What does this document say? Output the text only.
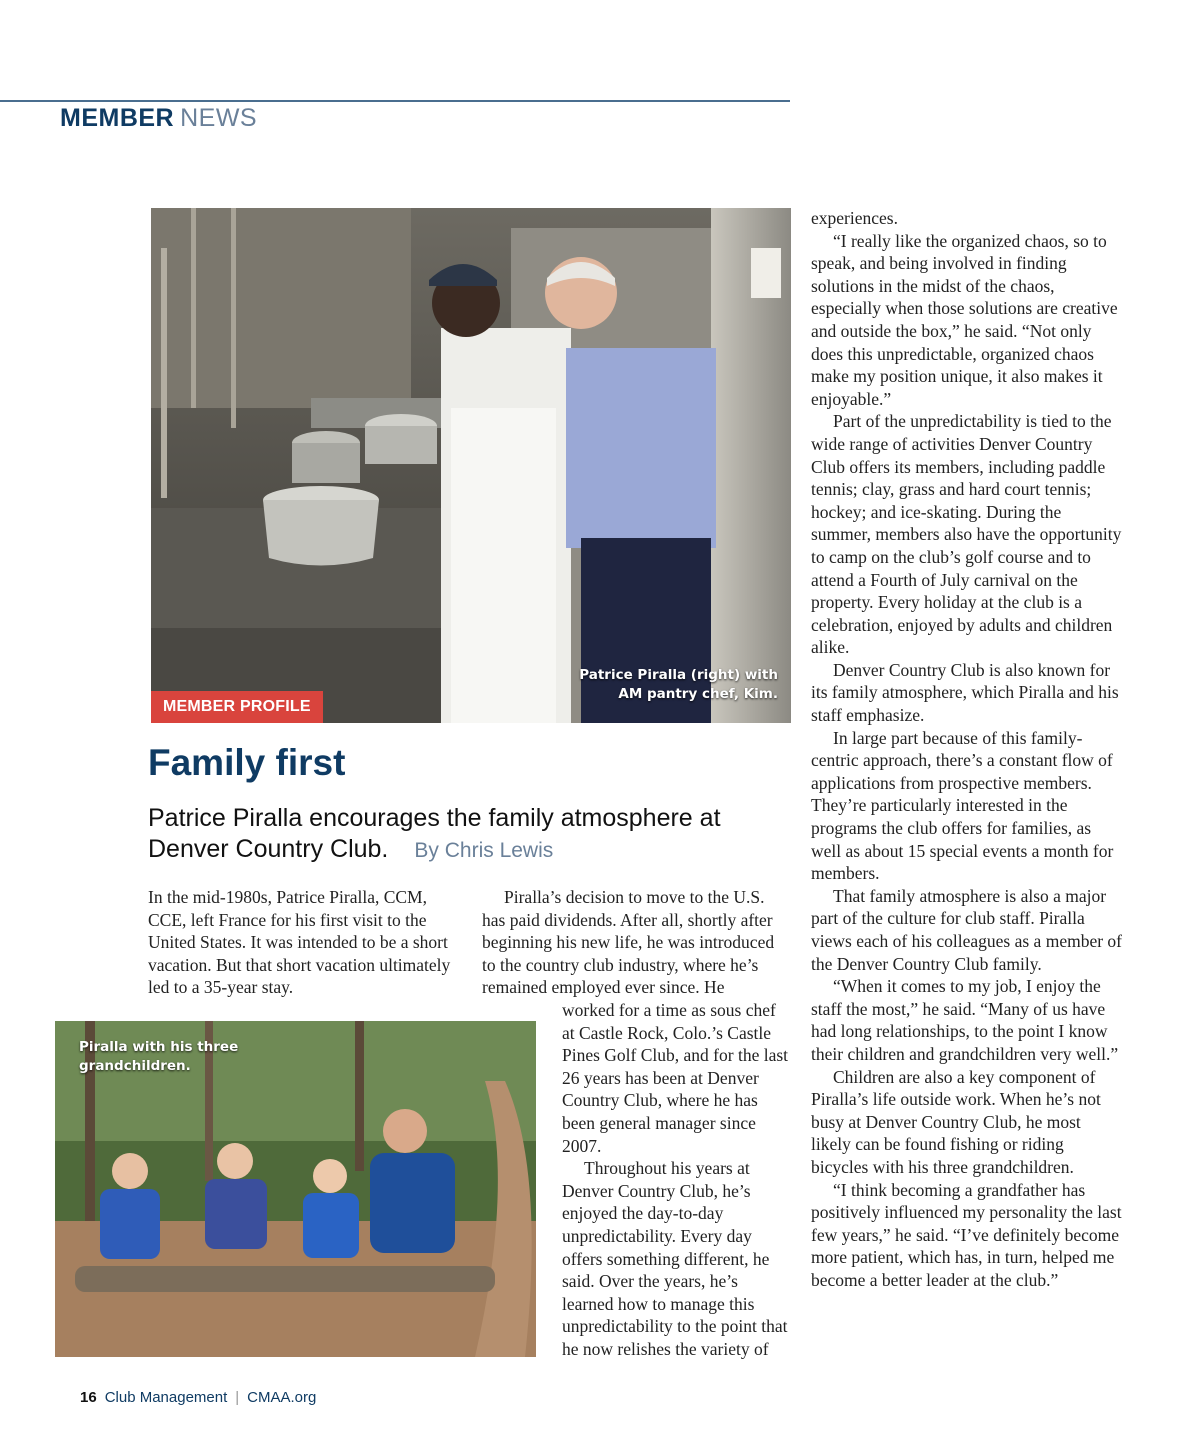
MEMBER NEWS
MEMBER PROFILE
Patrice Piralla (right) with
AM pantry chef, Kim.
Family first

Patrice Piralla encourages the family atmosphere at Denver Country Club. By Chris Lewis

In the mid-1980s, Patrice Piralla, CCM, CCE, left France for his first visit to the United States. It was intended to be a short vacation. But that short vacation ultimately led to a 35-year stay.

Piralla’s decision to move to the U.S. has paid dividends. After all, shortly after beginning his new life, he was introduced to the country club industry, where he’s remained employed ever since. He

worked for a time as sous chef at Castle Rock, Colo.’s Castle Pines Golf Club, and for the last 26 years has been at Denver Country Club, where he has been general manager since 2007.

Throughout his years at Denver Country Club, he’s enjoyed the day-to-day unpredictability. Every day offers something different, he said. Over the years, he’s learned how to manage this unpredictability to the point that he now relishes the variety of

experiences.

“I really like the organized chaos, so to speak, and being involved in finding solutions in the midst of the chaos, especially when those solutions are creative and outside the box,” he said. “Not only does this unpredictable, organized chaos make my position unique, it also makes it enjoyable.”

Part of the unpredictability is tied to the wide range of activities Denver Country Club offers its members, including paddle tennis; clay, grass and hard court tennis; hockey; and ice-skating. During the summer, members also have the opportunity to camp on the club’s golf course and to attend a Fourth of July carnival on the property. Every holiday at the club is a celebration, enjoyed by adults and children alike.

Denver Country Club is also known for its family atmosphere, which Piralla and his staff emphasize.

In large part because of this family-centric approach, there’s a constant flow of applications from prospective members. They’re particularly interested in the programs the club offers for families, as well as about 15 special events a month for members.

That family atmosphere is also a major part of the culture for club staff. Piralla views each of his colleagues as a member of the Denver Country Club family.

“When it comes to my job, I enjoy the staff the most,” he said. “Many of us have had long relationships, to the point I know their children and grandchildren very well.”

Children are also a key component of Piralla’s life outside work. When he’s not busy at Denver Country Club, he most likely can be found fishing or riding bicycles with his three grandchildren.

“I think becoming a grandfather has positively influenced my personality the last few years,” he said. “I’ve definitely become more patient, which has, in turn, helped me become a better leader at the club.”

Piralla with his three grandchildren.
16 Club Management | CMAA.org
